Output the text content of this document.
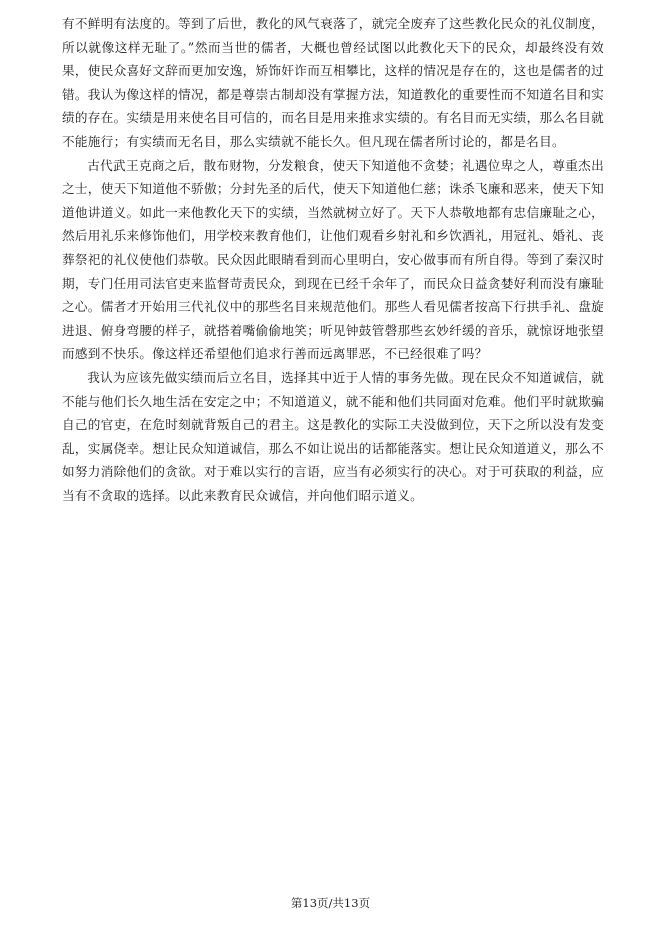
有不鲜明有法度的。等到了后世，教化的风气衰落了，就完全废弃了这些教化民众的礼仪制度，所以就像这样无耻了。”然而当世的儒者，大概也曾经试图以此教化天下的民众，却最终没有效果，使民众喜好文辞而更加安逸，矫饰奸诈而互相攀比，这样的情况是存在的，这也是儒者的过错。我认为像这样的情况，都是尊崇古制却没有掌握方法，知道教化的重要性而不知道名目和实绩的存在。实绩是用来使名目可信的，而名目是用来推求实绩的。有名目而无实绩，那么名目就不能施行；有实绩而无名目，那么实绩就不能长久。但凡现在儒者所讨论的，都是名目。

古代武王克商之后，散布财物，分发粮食，使天下知道他不贪婪；礼遇位卑之人，尊重杰出之士，使天下知道他不骄傲；分封先圣的后代，使天下知道他仁慈；诛杀飞廉和恶来，使天下知道他讲道义。如此一来他教化天下的实绩，当然就树立好了。天下人恭敬地都有忠信廉耻之心，然后用礼乐来修饰他们，用学校来教育他们，让他们观看乡射礼和乡饮酒礼，用冠礼、婚礼、丧葬祭祀的礼仪使他们恭敬。民众因此眼睛看到而心里明白，安心做事而有所自得。等到了秦汉时期，专门任用司法官吏来监督苛责民众，到现在已经千余年了，而民众日益贪婪好利而没有廉耻之心。儒者才开始用三代礼仪中的那些名目来规范他们。那些人看见儒者按高下行拱手礼、盘旋进退、俯身弯腰的样子，就搭着嘴偷偷地笑；听见钟鼓管磬那些玄妙纤缓的音乐，就惊讶地张望而感到不快乐。像这样还希望他们追求行善而远离罪恶，不已经很难了吗？

我认为应该先做实绩而后立名目，选择其中近于人情的事务先做。现在民众不知道诚信，就不能与他们长久地生活在安定之中；不知道道义，就不能和他们共同面对危难。他们平时就欺骗自己的官吏，在危时刻就背叛自己的君主。这是教化的实际工夫没做到位，天下之所以没有发变乱，实属侥幸。想让民众知道诚信，那么不如让说出的话都能落实。想让民众知道道义，那么不如努力消除他们的贪欲。对于难以实行的言语，应当有必须实行的决心。对于可获取的利益，应当有不贪取的选择。以此来教育民众诚信，并向他们昭示道义。

第13页/共13页
